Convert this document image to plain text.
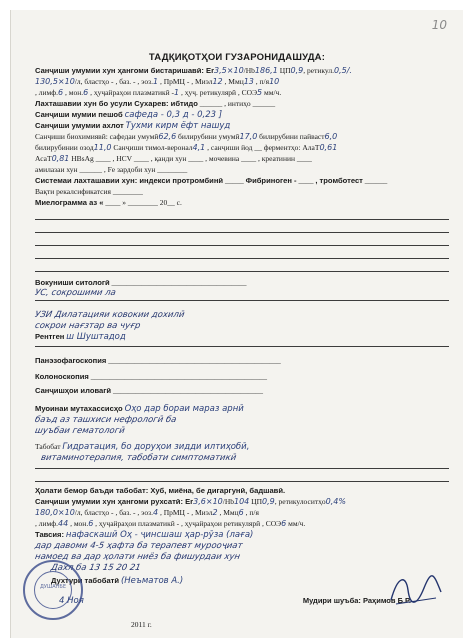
10
ТАДҚИҚОТҲОИ ГУЗАРОНИДАШУДА:
Санҷиши умумии хун ҳангоми бистаришавӣ: Er3,5×10/Hb186,1 ЦП0,9, ретикул.0,5/.
130,5×10/л, бластҳо - , баз. - , эоз.1 , ПрМЦ - , Миэл12 , Ммц13 , п/я10
, лимф.6 , мон.6 , ҳуҷайраҳои плазматикӣ -1 , ҳуҷ. ретикулярӣ , СОЭ5 мм/ч.
Лахташавии хун бо усули Сухарев: ибтидо ______ , интиҳо ______
Санҷиши мумии пешоб сафеда - 0,3 д - 0,23 ]
Санҷиши умумии ахлот Тухми кирм ёфт нашуд
Санҷиши биохимиявӣ: сафедаи умумӣ62,6 билирубини умумӣ17,0 билирубини пайваст6,0
билирубинии озод11,0 Санҷиши тимол-веронал4,1 , санҷиши йод __ ферментҳо: АлаТ0,61
АсаТ0,81 HBsAg ____ , HCV ____ , қанди хун ____ , мочевина ____ , креатинин ____
амилазаи хун ______ , Fe зардоби хун ________
Системаи лахташавии хун: индекси протромбинӣ _____ Фибриноген - ____ , тромботест ______
Вақти рекалсификатсия ________
Миелограмма аз « ____ » ________ 20__ с.
Вокуниши ситологӣ ____________________________________
УС, сокрошими ла
УЗИ Дилатацияи ковокии дохилӣ
сокрои нағзтар ва чуғр
Рентген ш Шуштадод
Панэзофагоскопия ______________________________________________
Колоноскопия _______________________________________________
Санҷишҳои иловагӣ ________________________________________
Муоинаи мутахассисҳо Оҳо дар бораи мараз арнӣ
баъд аз ташхиси нефрологӣ ба
шуъбаи гематологӣ
Табобат Гидратация, бо доруҳои зидди илтиҳобӣ,
витаминотерапия, табобати симптоматикӣ
Ҳолати бемор баъди табобат: Хуб, миёна, бе дигаргунӣ, бадшавӣ.
Санҷиши умумии хун ҳангоми рухсатӣ: Er3,6×10/Hb104 ЦП0,9, ретикулоситҳо0,4%
180,0×10/л, бластҳо - , баз. - , эоз.4 , ПрМЦ - , Миэл2 , Ммц6 , п/я
, лимф.44 , мон.6 , ҳуҷайраҳои плазматикӣ - , ҳуҷайраҳои ретикулярӣ , СОЭ6 мм/ч.
Тавсия: нафаскашӣ Оҳ - ҷинсшаш ҳар-рӯза (лаға)
дар давоми 4-5 ҳафта ба терапевт мурооҷиат
намоед ва дар ҳолати ниёз ба фишурдаи хун
Дахл ба 13 15 20 21
Духтури табобатӣ (Неъматов А.)
4 Ноя	Мудири шуъба: Раҳимов Б.Р.
2011 г.
ДУШАНБЕ
